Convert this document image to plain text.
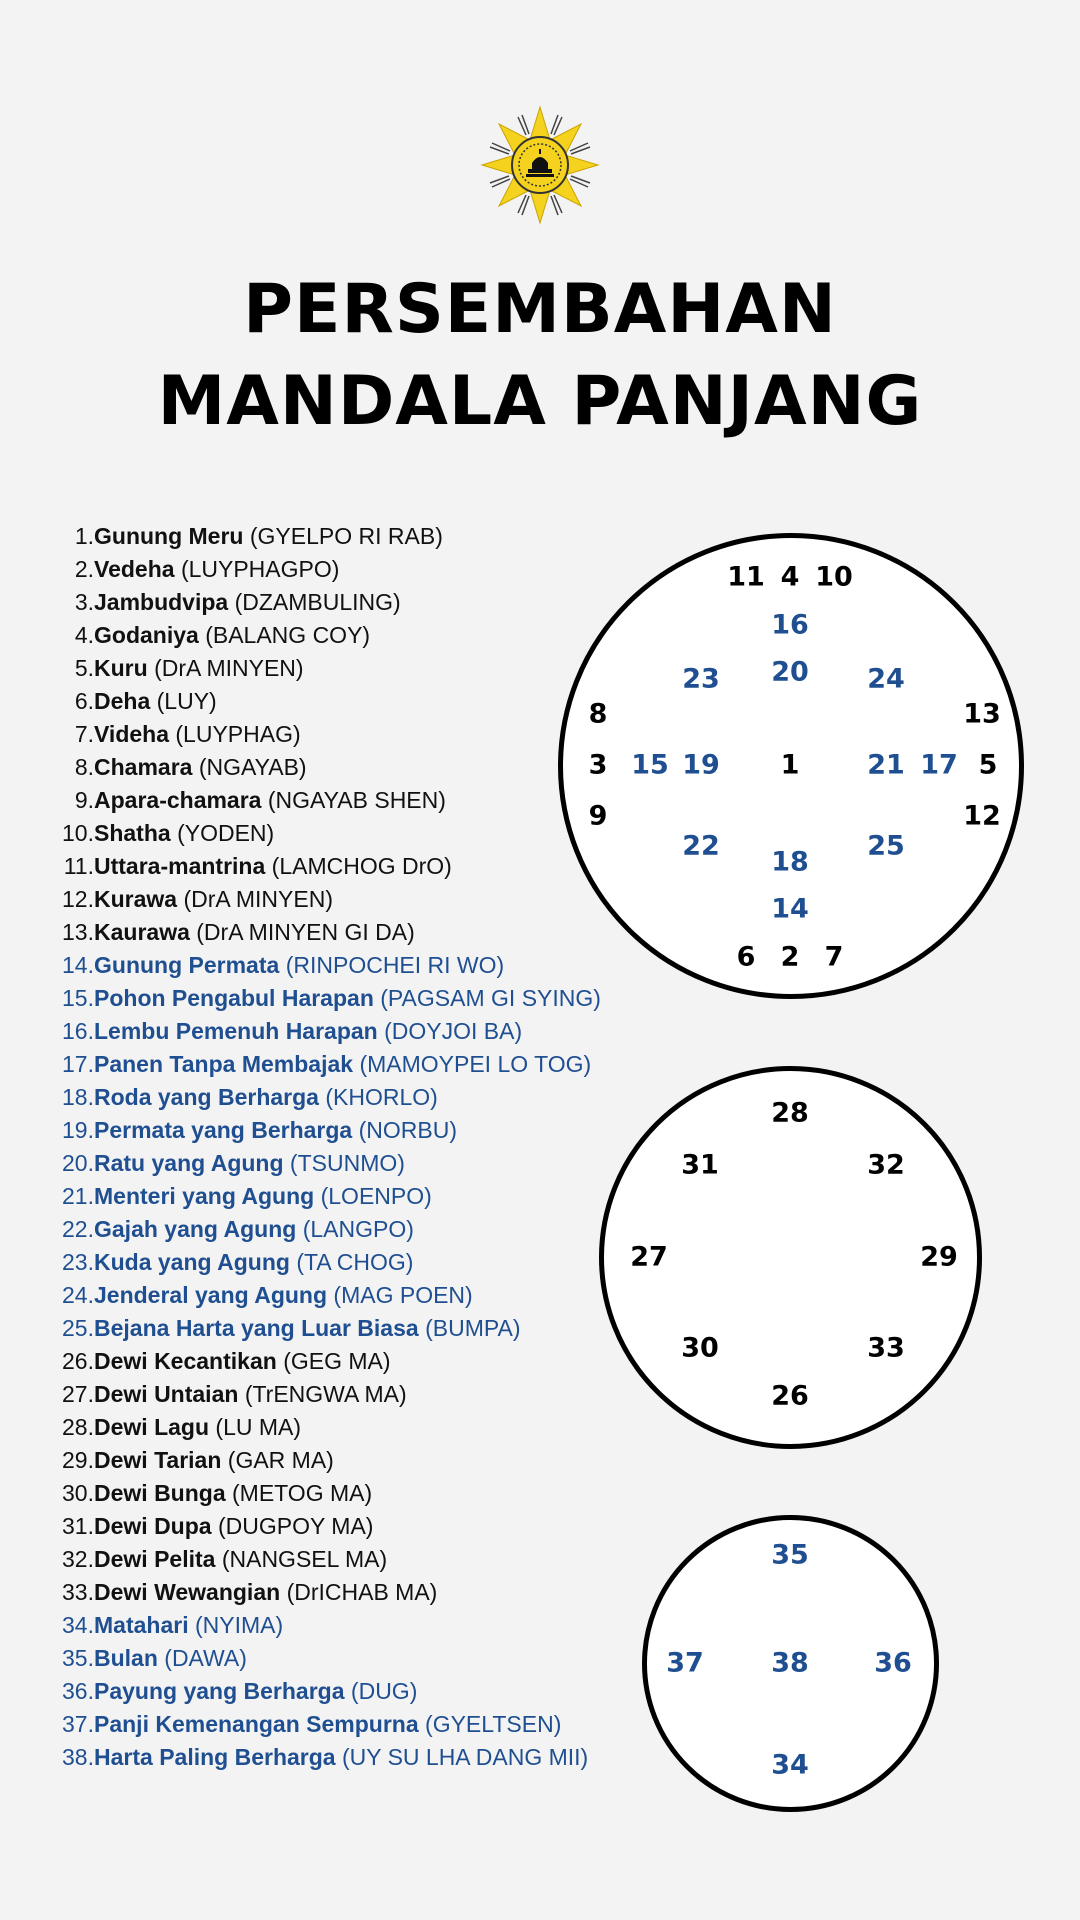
PERSEMBAHAN
MANDALA PANJANG
1.Gunung Meru (GYELPO RI RAB)
2.Vedeha (LUYPHAGPO)
3.Jambudvipa (DZAMBULING)
4.Godaniya (BALANG COY)
5.Kuru (DrA MINYEN)
6.Deha (LUY)
7.Videha (LUYPHAG)
8.Chamara (NGAYAB)
9.Apara-chamara (NGAYAB SHEN)
10.Shatha (YODEN)
11.Uttara-mantrina (LAMCHOG DrO)
12.Kurawa (DrA MINYEN)
13.Kaurawa (DrA MINYEN GI DA)
14.Gunung Permata (RINPOCHEI RI WO)
15.Pohon Pengabul Harapan (PAGSAM GI SYING)
16.Lembu Pemenuh Harapan (DOYJOI BA)
17.Panen Tanpa Membajak (MAMOYPEI LO TOG)
18.Roda yang Berharga (KHORLO)
19.Permata yang Berharga (NORBU)
20.Ratu yang Agung (TSUNMO)
21.Menteri yang Agung (LOENPO)
22.Gajah yang Agung (LANGPO)
23.Kuda yang Agung (TA CHOG)
24.Jenderal yang Agung (MAG POEN)
25.Bejana Harta yang Luar Biasa (BUMPA)
26.Dewi Kecantikan (GEG MA)
27.Dewi Untaian (TrENGWA MA)
28.Dewi Lagu (LU MA)
29.Dewi Tarian (GAR MA)
30.Dewi Bunga (METOG MA)
31.Dewi Dupa (DUGPOY MA)
32.Dewi Pelita (NANGSEL MA)
33.Dewi Wewangian (DrICHAB MA)
34.Matahari (NYIMA)
35.Bulan (DAWA)
36.Payung yang Berharga (DUG)
37.Panji Kemenangan Sempurna (GYELTSEN)
38.Harta Paling Berharga (UY SU LHA DANG MII)
11 4 10
16
20
23	24
8	13
3 15 19 1	21 17 5
9	12
22	25
18
14
6 2 7
28
31	32
27	29
30	33
26
35
37 38 36
34
